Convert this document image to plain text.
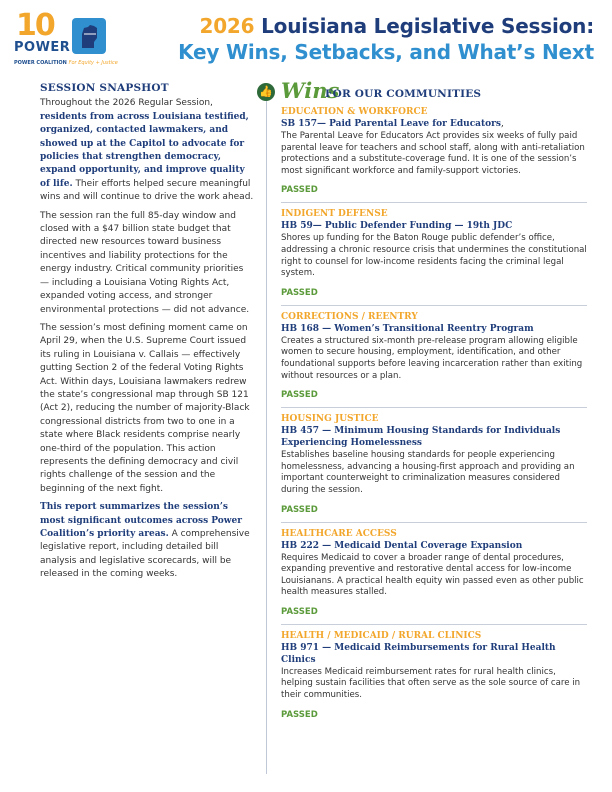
10
POWER
POWER COALITION For Equity + Justice
2026 Louisiana Legislative Session:
Key Wins, Setbacks, and What’s Next
SESSION SNAPSHOT

Throughout the 2026 Regular Session, residents from across Louisiana testified, organized, contacted lawmakers, and showed up at the Capitol to advocate for policies that strengthen democracy, expand opportunity, and improve quality of life. Their efforts helped secure meaningful wins and will continue to drive the work ahead.

The session ran the full 85-day window and closed with a $47 billion state budget that directed new resources toward business incentives and liability protections for the energy industry. Critical community priorities — including a Louisiana Voting Rights Act, expanded voting access, and stronger environmental protections — did not advance.

The session’s most defining moment came on April 29, when the U.S. Supreme Court issued its ruling in Louisiana v. Callais — effectively gutting Section 2 of the federal Voting Rights Act. Within days, Louisiana lawmakers redrew the state’s congressional map through SB 121 (Act 2), reducing the number of majority-Black congressional districts from two to one in a state where Black residents comprise nearly one-third of the population. This action represents the defining democracy and civil rights challenge of the session and the beginning of the next fight.

This report summarizes the session’s most significant outcomes across Power Coalition’s priority areas. A comprehensive legislative report, including detailed bill analysis and legislative scorecards, will be released in the coming weeks.

👍 Wins
FOR OUR COMMUNITIES
EDUCATION & WORKFORCE
SB 157— Paid Parental Leave for Educators,
The Parental Leave for Educators Act provides six weeks of fully paid parental leave for teachers and school staff, along with anti-retaliation protections and a substitute-coverage fund. It is one of the session’s most significant workforce and family-support victories.
PASSED
INDIGENT DEFENSE
HB 59— Public Defender Funding — 19th JDC
Shores up funding for the Baton Rouge public defender’s office, addressing a chronic resource crisis that undermines the constitutional right to counsel for low-income residents facing the criminal legal system.
PASSED
CORRECTIONS / REENTRY
HB 168 — Women’s Transitional Reentry Program
Creates a structured six-month pre-release program allowing eligible women to secure housing, employment, identification, and other foundational supports before leaving incarceration rather than exiting without resources or a plan.
PASSED
HOUSING JUSTICE
HB 457 — Minimum Housing Standards for Individuals Experiencing Homelessness
Establishes baseline housing standards for people experiencing homelessness, advancing a housing-first approach and providing an important counterweight to criminalization measures considered during the session.
PASSED
HEALTHCARE ACCESS
HB 222 — Medicaid Dental Coverage Expansion
Requires Medicaid to cover a broader range of dental procedures, expanding preventive and restorative dental access for low-income Louisianans. A practical health equity win passed even as other public health measures stalled.
PASSED
HEALTH / MEDICAID / RURAL CLINICS
HB 971 — Medicaid Reimbursements for Rural Health Clinics
Increases Medicaid reimbursement rates for rural health clinics, helping sustain facilities that often serve as the sole source of care in their communities.
PASSED
